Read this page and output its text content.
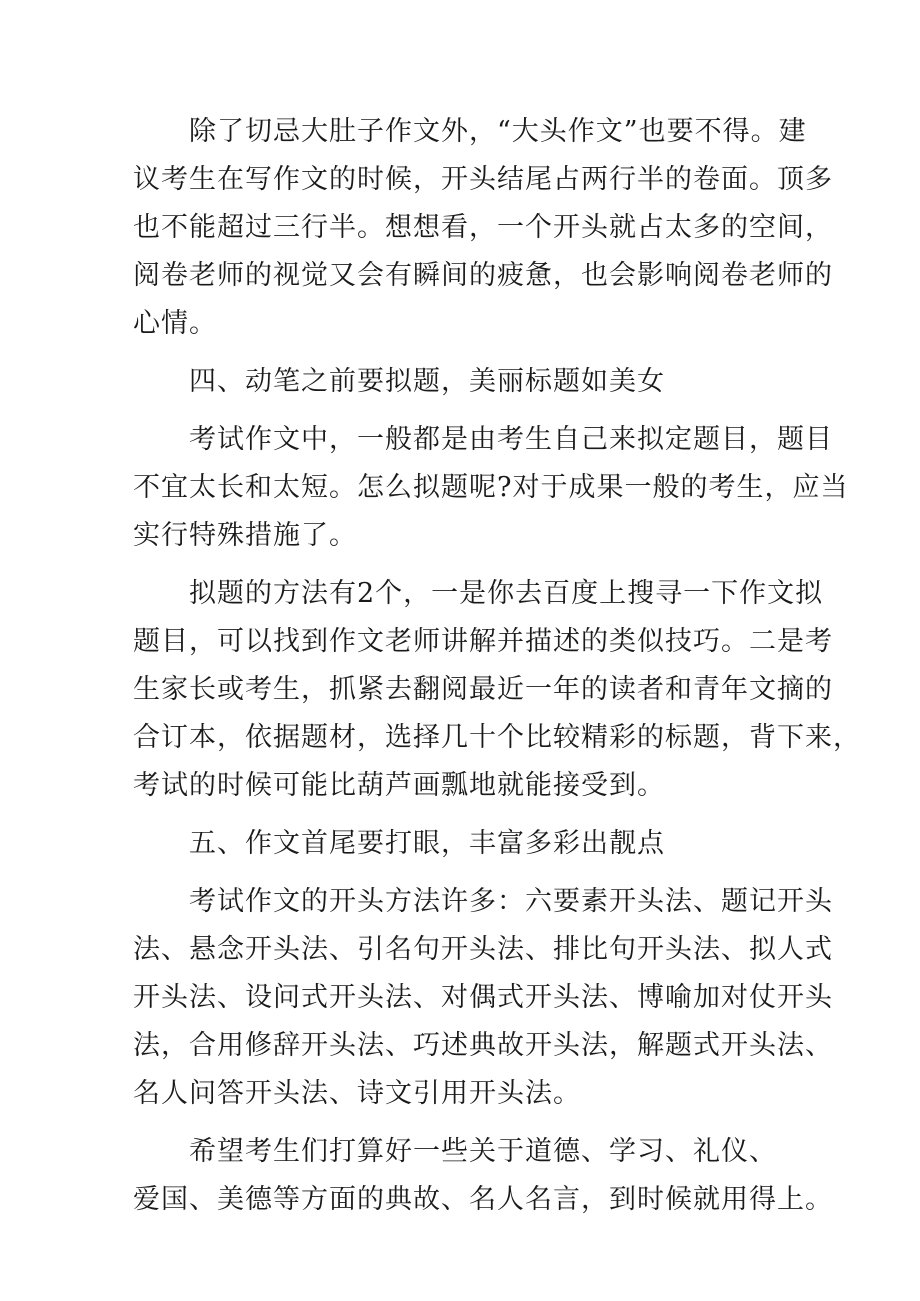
除了切忌大肚子作文外，“大头作文”也要不得。建
议考生在写作文的时候，开头结尾占两行半的卷面。顶多
也不能超过三行半。想想看，一个开头就占太多的空间，
阅卷老师的视觉又会有瞬间的疲惫，也会影响阅卷老师的
心情。

四、动笔之前要拟题，美丽标题如美女

考试作文中，一般都是由考生自己来拟定题目，题目
不宜太长和太短。怎么拟题呢?对于成果一般的考生，应当
实行特殊措施了。

拟题的方法有2个，一是你去百度上搜寻一下作文拟
题目，可以找到作文老师讲解并描述的类似技巧。二是考
生家长或考生，抓紧去翻阅最近一年的读者和青年文摘的
合订本，依据题材，选择几十个比较精彩的标题，背下来，
考试的时候可能比葫芦画瓢地就能接受到。

五、作文首尾要打眼，丰富多彩出靓点

考试作文的开头方法许多：六要素开头法、题记开头
法、悬念开头法、引名句开头法、排比句开头法、拟人式
开头法、设问式开头法、对偶式开头法、博喻加对仗开头
法，合用修辞开头法、巧述典故开头法，解题式开头法、
名人问答开头法、诗文引用开头法。

希望考生们打算好一些关于道德、学习、礼仪、
爱国、美德等方面的典故、名人名言，到时候就用得上。
